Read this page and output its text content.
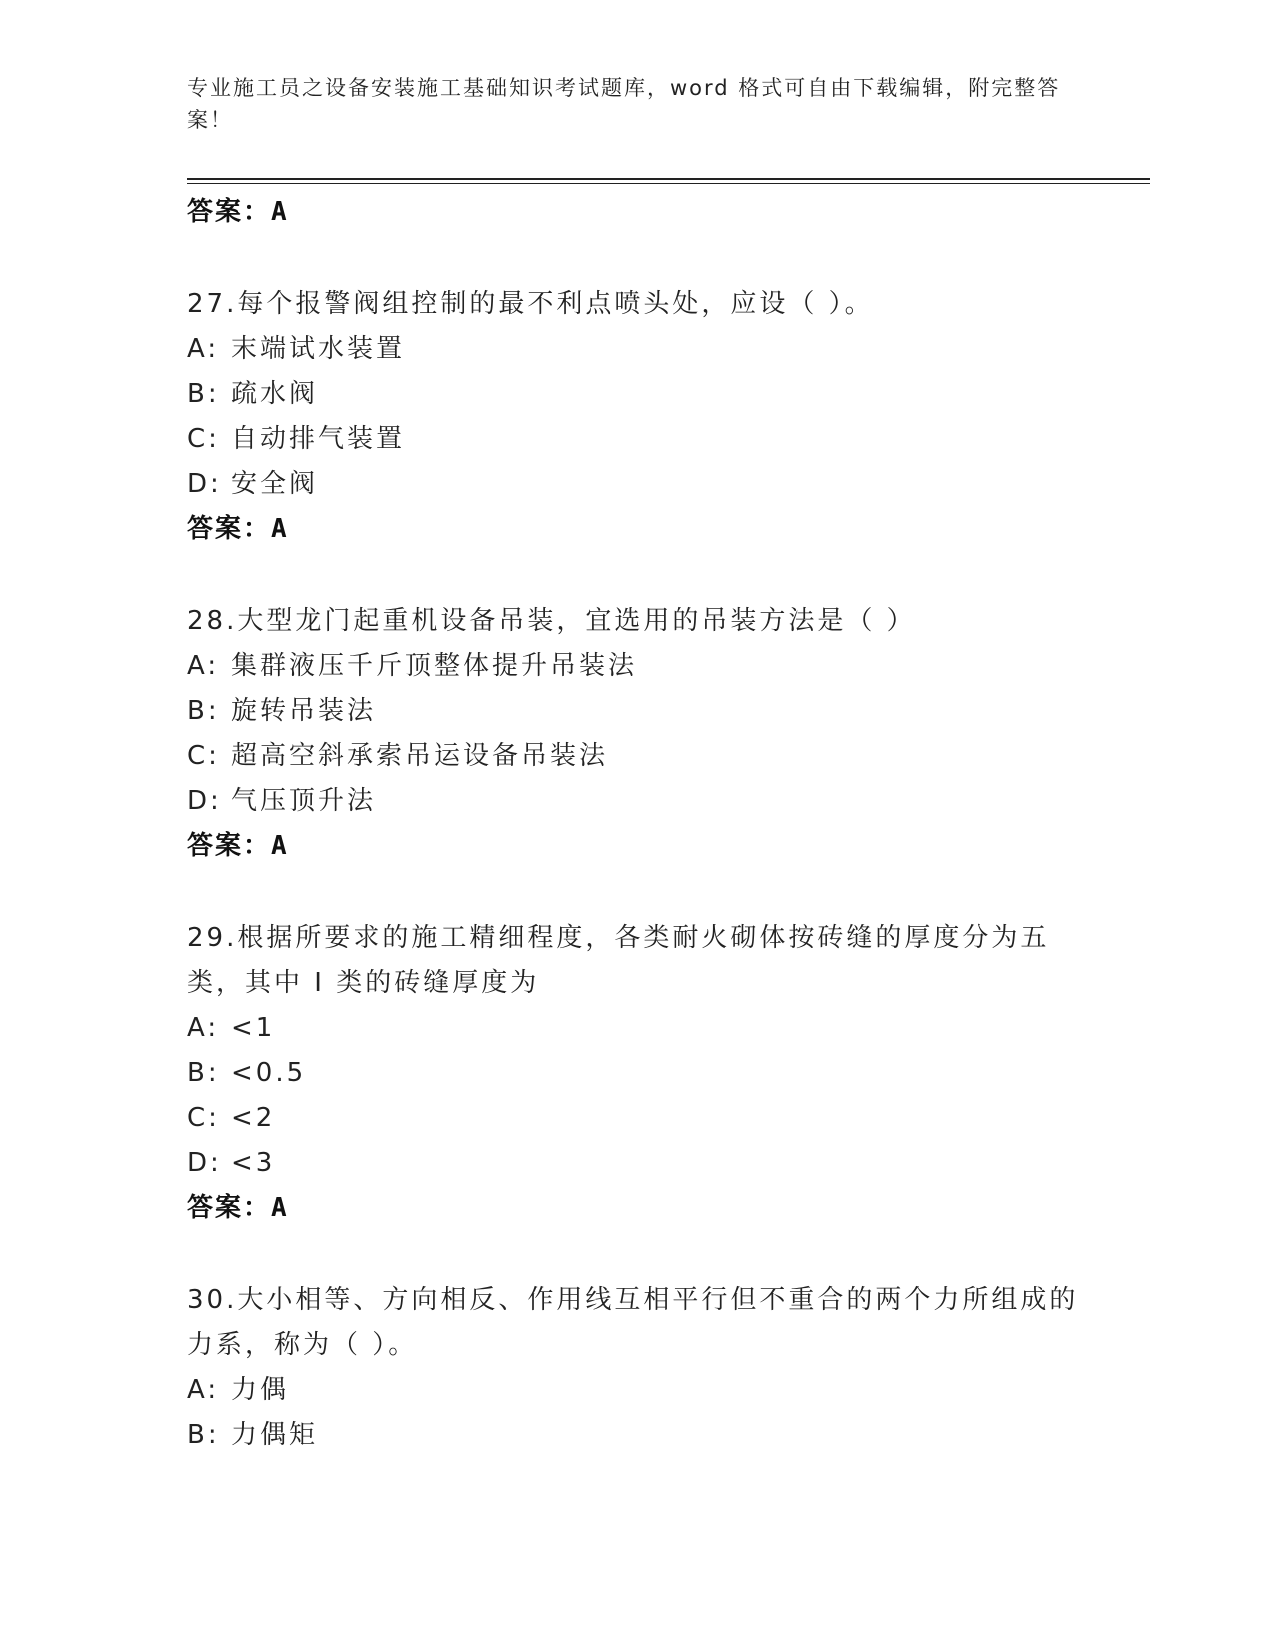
专业施工员之设备安装施工基础知识考试题库，word 格式可自由下载编辑，附完整答案！
答案：A
27.每个报警阀组控制的最不利点喷头处，应设（ ）。
A: 末端试水装置
B: 疏水阀
C: 自动排气装置
D: 安全阀
答案：A
28.大型龙门起重机设备吊装，宜选用的吊装方法是（ ）
A: 集群液压千斤顶整体提升吊装法
B: 旋转吊装法
C: 超高空斜承索吊运设备吊装法
D: 气压顶升法
答案：A
29.根据所要求的施工精细程度，各类耐火砌体按砖缝的厚度分为五类，其中 I 类的砖缝厚度为
A: <1
B: <0.5
C: <2
D: <3
答案：A
30.大小相等、方向相反、作用线互相平行但不重合的两个力所组成的力系，称为（ ）。
A: 力偶
B: 力偶矩
